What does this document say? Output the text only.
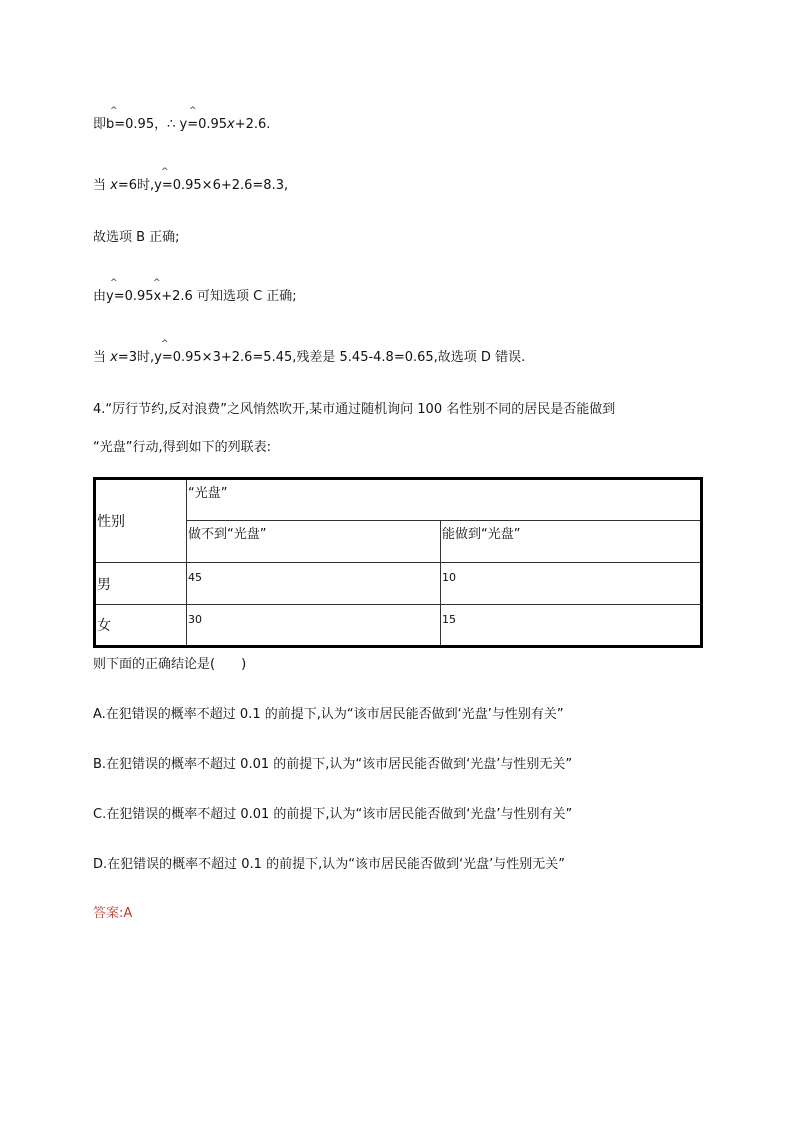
^	^
即b=0.95，∴ y=0.95x+2.6.
^
当 x=6时,y=0.95×6+2.6=8.3,
故选项 B 正确;
^	^
由y=0.95x+2.6 可知选项 C 正确;
^
当 x=3时,y=0.95×3+2.6=5.45,残差是 5.45-4.8=0.65,故选项 D 错误.
4.“厉行节约,反对浪费”之风悄然吹开,某市通过随机询问 100 名性别不同的居民是否能做到
“光盘”行动,得到如下的列联表:
性别	“光盘”	
	做不到“光盘”	能做到“光盘”
男	45	10
女	30	15
则下面的正确结论是(　　)
A.在犯错误的概率不超过 0.1 的前提下,认为“该市居民能否做到‘光盘’与性别有关”
B.在犯错误的概率不超过 0.01 的前提下,认为“该市居民能否做到‘光盘’与性别无关”
C.在犯错误的概率不超过 0.01 的前提下,认为“该市居民能否做到‘光盘’与性别有关”
D.在犯错误的概率不超过 0.1 的前提下,认为“该市居民能否做到‘光盘’与性别无关”
答案:A
